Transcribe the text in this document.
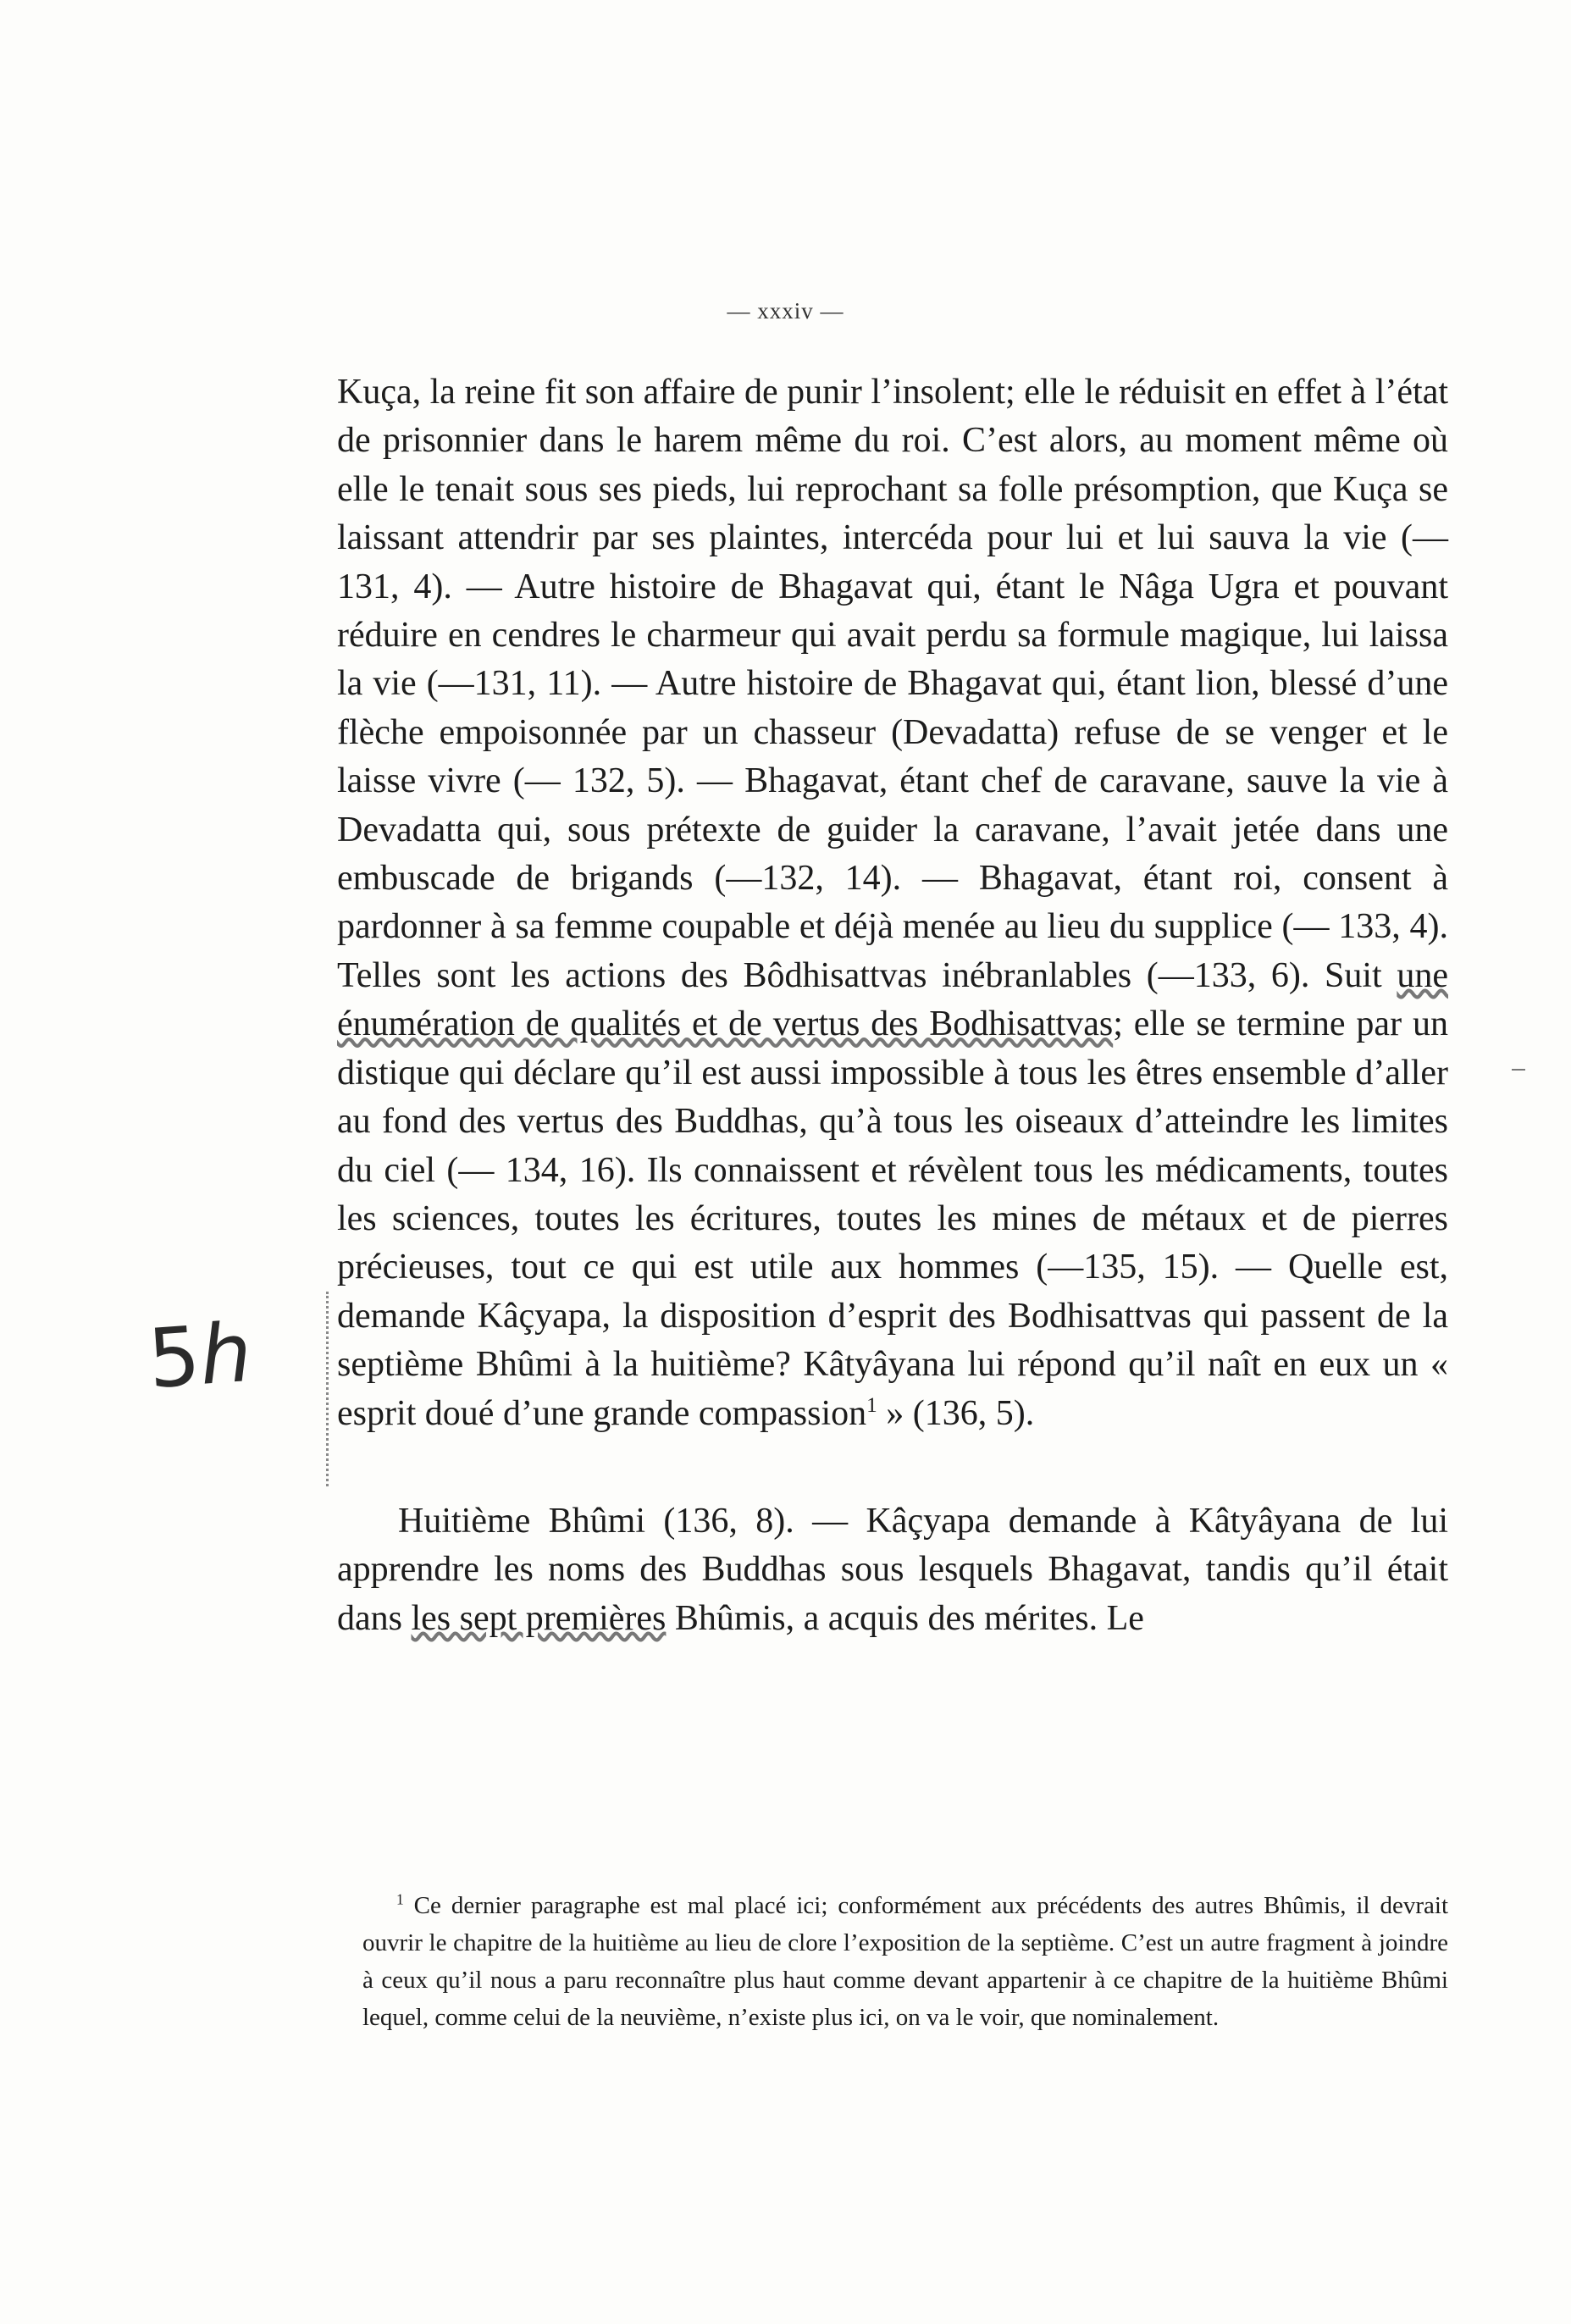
— xxxiv —
5ℎ

Kuça, la reine fit son affaire de punir l’insolent; elle le réduisit en effet à l’état de prisonnier dans le harem même du roi. C’est alors, au moment même où elle le tenait sous ses pieds, lui reprochant sa folle présomption, que Kuça se laissant attendrir par ses plaintes, intercéda pour lui et lui sauva la vie (— 131, 4). — Autre histoire de Bhagavat qui, étant le Nâga Ugra et pouvant réduire en cendres le charmeur qui avait perdu sa formule magique, lui laissa la vie (—131, 11). — Autre histoire de Bhagavat qui, étant lion, blessé d’une flèche empoisonnée par un chasseur (Devadatta) refuse de se venger et le laisse vivre (— 132, 5). — Bhagavat, étant chef de caravane, sauve la vie à Devadatta qui, sous prétexte de guider la caravane, l’avait jetée dans une embuscade de brigands (—132, 14). — Bhagavat, étant roi, consent à pardonner à sa femme coupable et déjà menée au lieu du supplice (— 133, 4). Telles sont les actions des Bôdhisattvas inébranlables (—133, 6). Suit une énumération de qualités et de vertus des Bodhisattvas; elle se termine par un distique qui déclare qu’il est aussi impossible à tous les êtres ensemble d’aller au fond des vertus des Buddhas, qu’à tous les oiseaux d’atteindre les limites du ciel (— 134, 16). Ils connaissent et révèlent tous les médicaments, toutes les sciences, toutes les écritures, toutes les mines de métaux et de pierres précieuses, tout ce qui est utile aux hommes (—135, 15). — Quelle est, demande Kâçyapa, la disposition d’esprit des Bodhisattvas qui passent de la septième Bhûmi à la huitième? Kâtyâyana lui répond qu’il naît en eux un « esprit doué d’une grande compassion$^1$ » (136, 5).

Huitième Bhûmi (136, 8). — Kâçyapa demande à Kâtyâyana de lui apprendre les noms des Buddhas sous lesquels Bhagavat, tandis qu’il était dans les sept premières Bhûmis, a acquis des mérites. Le

$^1$ Ce dernier paragraphe est mal placé ici; conformément aux précédents des autres Bhûmis, il devrait ouvrir le chapitre de la huitième au lieu de clore l’exposition de la septième. C’est un autre fragment à joindre à ceux qu’il nous a paru reconnaître plus haut comme devant appartenir à ce chapitre de la huitième Bhûmi lequel, comme celui de la neuvième, n’existe plus ici, on va le voir, que nominalement.
